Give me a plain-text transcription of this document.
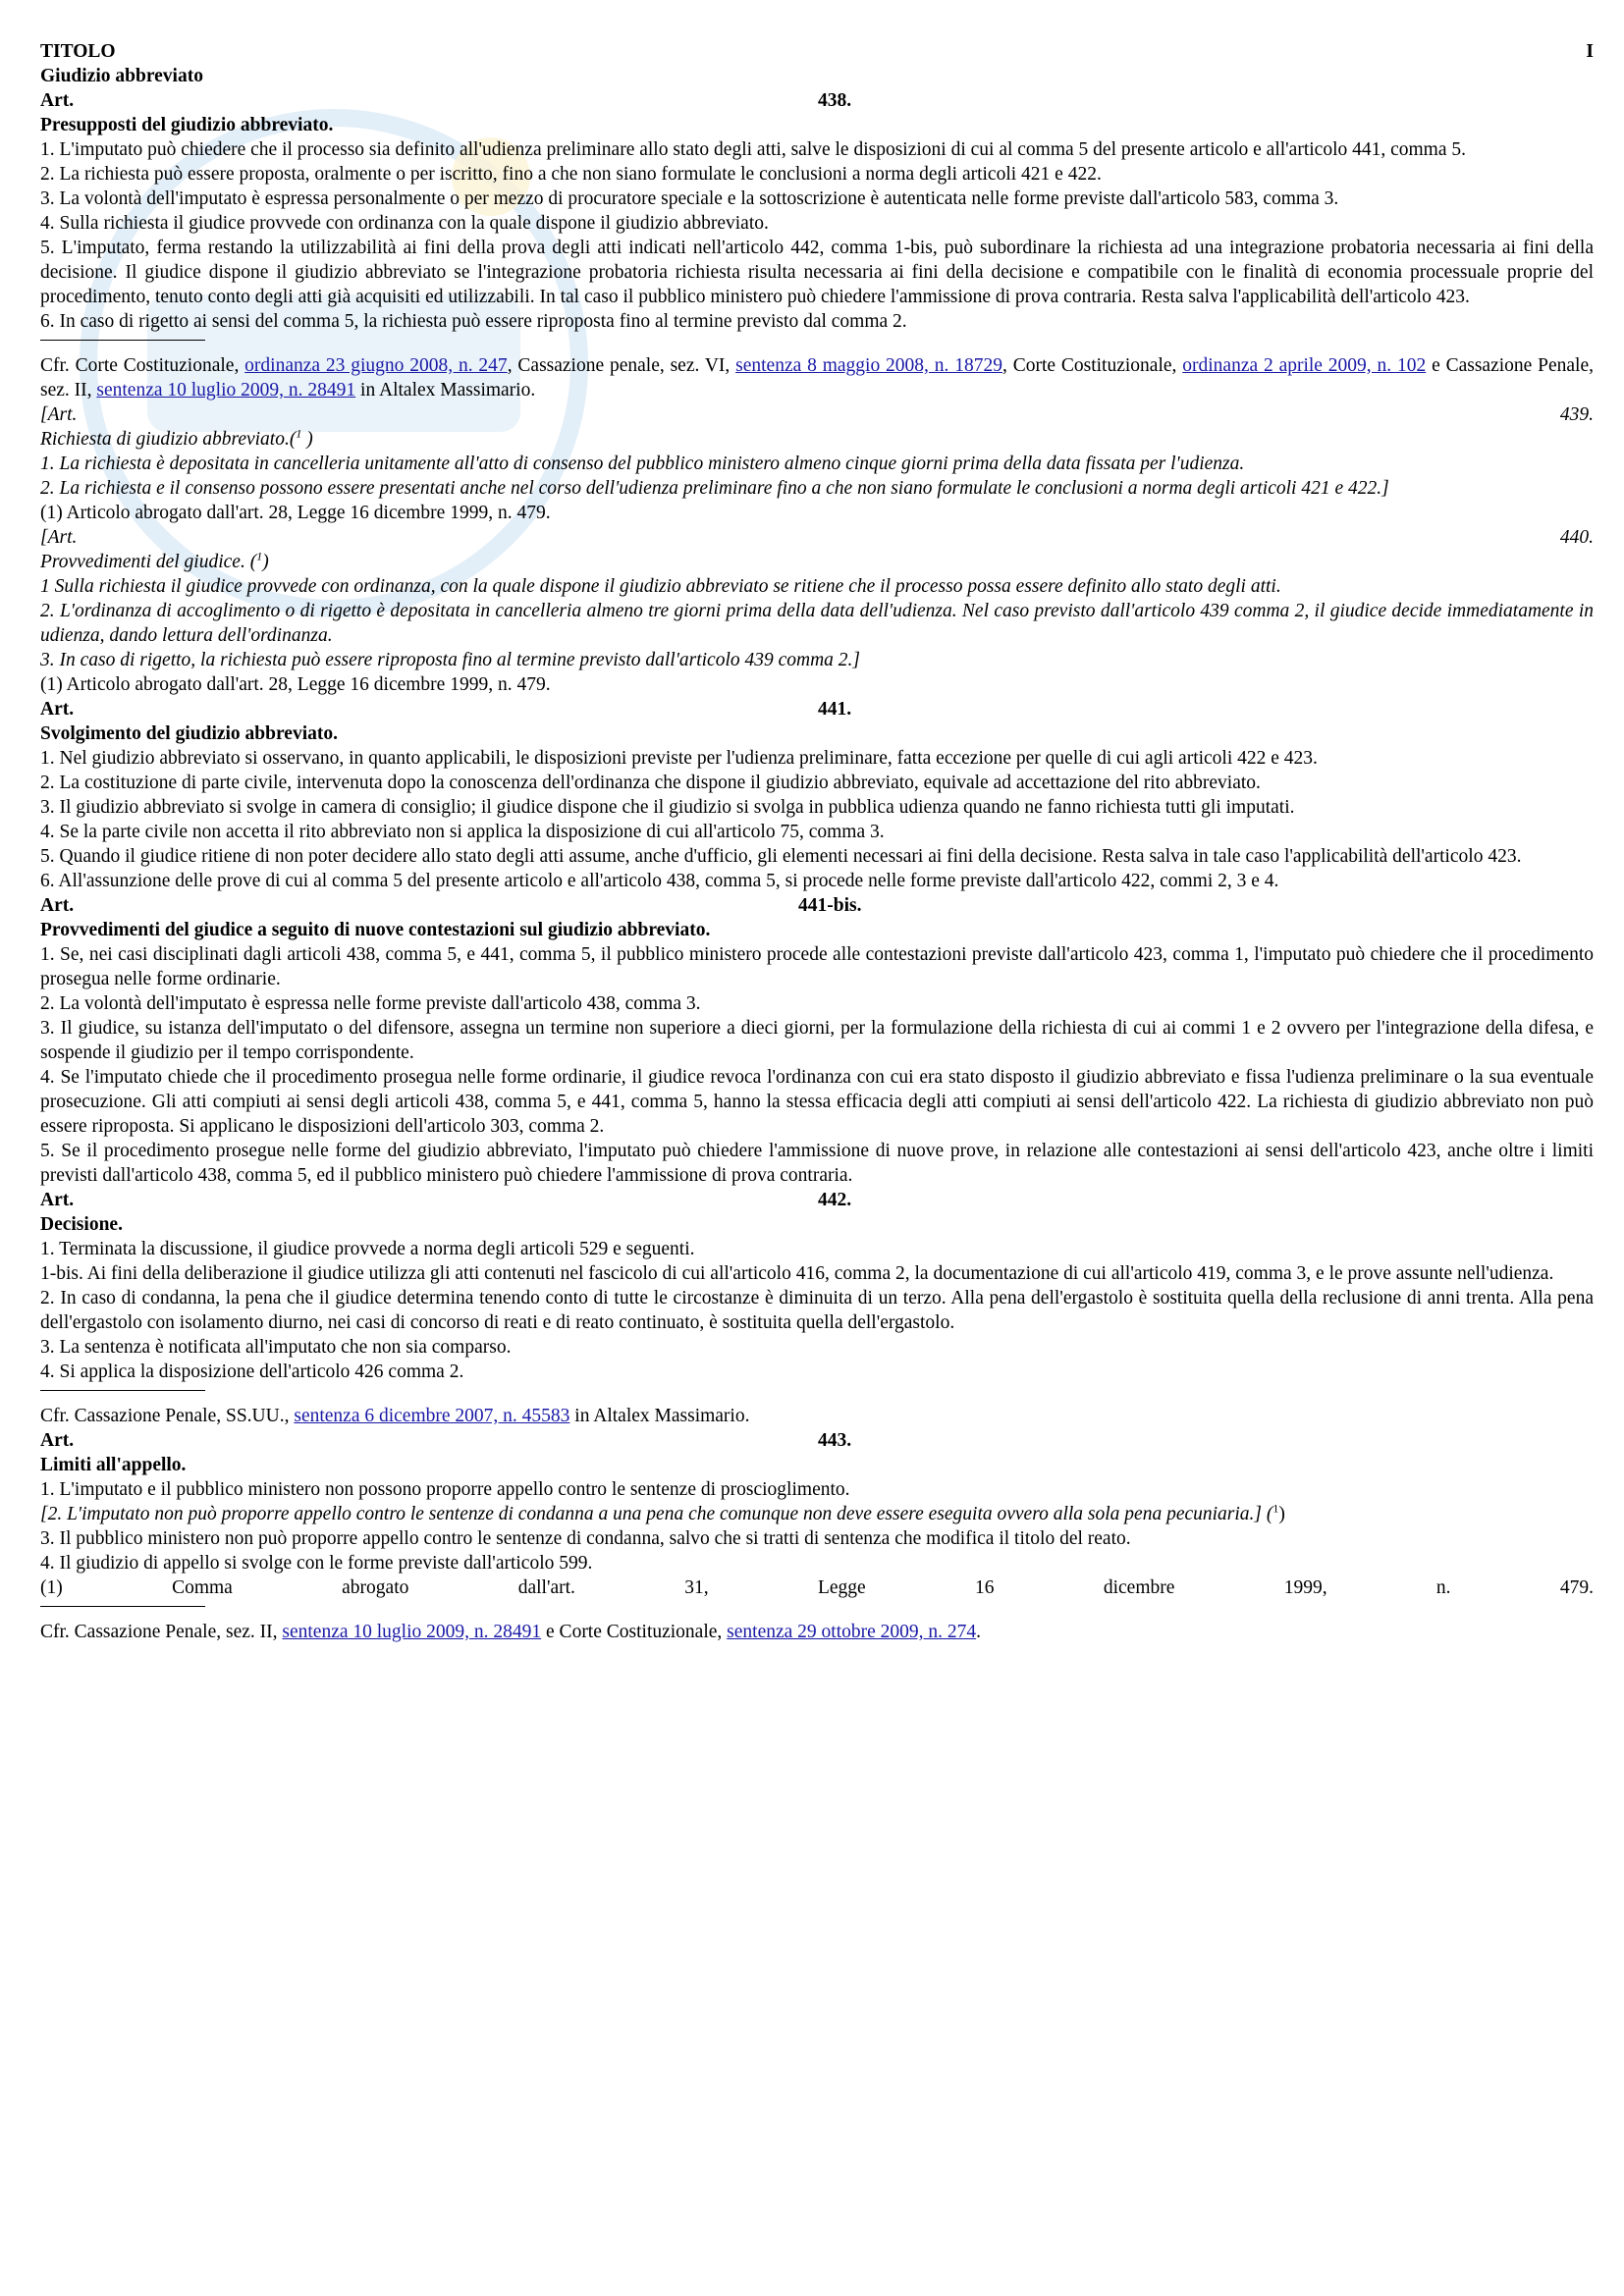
TITOLO	I

Giudizio abbreviato

Art.	438.

Presupposti del giudizio abbreviato.

1. L'imputato può chiedere che il processo sia definito all'udienza preliminare allo stato degli atti, salve le disposizioni di cui al comma 5 del presente articolo e all'articolo 441, comma 5.

2. La richiesta può essere proposta, oralmente o per iscritto, fino a che non siano formulate le conclusioni a norma degli articoli 421 e 422.

3. La volontà dell'imputato è espressa personalmente o per mezzo di procuratore speciale e la sottoscrizione è autenticata nelle forme previste dall'articolo 583, comma 3.

4. Sulla richiesta il giudice provvede con ordinanza con la quale dispone il giudizio abbreviato.

5. L'imputato, ferma restando la utilizzabilità ai fini della prova degli atti indicati nell'articolo 442, comma 1-bis, può subordinare la richiesta ad una integrazione probatoria necessaria ai fini della decisione. Il giudice dispone il giudizio abbreviato se l'integrazione probatoria richiesta risulta necessaria ai fini della decisione e compatibile con le finalità di economia processuale proprie del procedimento, tenuto conto degli atti già acquisiti ed utilizzabili. In tal caso il pubblico ministero può chiedere l'ammissione di prova contraria. Resta salva l'applicabilità dell'articolo 423.

6. In caso di rigetto ai sensi del comma 5, la richiesta può essere riproposta fino al termine previsto dal comma 2.

Cfr. Corte Costituzionale, ordinanza 23 giugno 2008, n. 247, Cassazione penale, sez. VI, sentenza 8 maggio 2008, n. 18729, Corte Costituzionale, ordinanza 2 aprile 2009, n. 102 e Cassazione Penale, sez. II, sentenza 10 luglio 2009, n. 28491 in Altalex Massimario.

[Art.	439.

Richiesta di giudizio abbreviato.($^1$ )

1. La richiesta è depositata in cancelleria unitamente all'atto di consenso del pubblico ministero almeno cinque giorni prima della data fissata per l'udienza.

2. La richiesta e il consenso possono essere presentati anche nel corso dell'udienza preliminare fino a che non siano formulate le conclusioni a norma degli articoli 421 e 422.]

(1) Articolo abrogato dall'art. 28, Legge 16 dicembre 1999, n. 479.

[Art.	440.

Provvedimenti del giudice. ($^1$)

1 Sulla richiesta il giudice provvede con ordinanza, con la quale dispone il giudizio abbreviato se ritiene che il processo possa essere definito allo stato degli atti.

2. L'ordinanza di accoglimento o di rigetto è depositata in cancelleria almeno tre giorni prima della data dell'udienza. Nel caso previsto dall'articolo 439 comma 2, il giudice decide immediatamente in udienza, dando lettura dell'ordinanza.

3. In caso di rigetto, la richiesta può essere riproposta fino al termine previsto dall'articolo 439 comma 2.]

(1) Articolo abrogato dall'art. 28, Legge 16 dicembre 1999, n. 479.

Art.	441.

Svolgimento del giudizio abbreviato.

1. Nel giudizio abbreviato si osservano, in quanto applicabili, le disposizioni previste per l'udienza preliminare, fatta eccezione per quelle di cui agli articoli 422 e 423.

2. La costituzione di parte civile, intervenuta dopo la conoscenza dell'ordinanza che dispone il giudizio abbreviato, equivale ad accettazione del rito abbreviato.

3. Il giudizio abbreviato si svolge in camera di consiglio; il giudice dispone che il giudizio si svolga in pubblica udienza quando ne fanno richiesta tutti gli imputati.

4. Se la parte civile non accetta il rito abbreviato non si applica la disposizione di cui all'articolo 75, comma 3.

5. Quando il giudice ritiene di non poter decidere allo stato degli atti assume, anche d'ufficio, gli elementi necessari ai fini della decisione. Resta salva in tale caso l'applicabilità dell'articolo 423.

6. All'assunzione delle prove di cui al comma 5 del presente articolo e all'articolo 438, comma 5, si procede nelle forme previste dall'articolo 422, commi 2, 3 e 4.

Art.	441-bis.

Provvedimenti del giudice a seguito di nuove contestazioni sul giudizio abbreviato.

1. Se, nei casi disciplinati dagli articoli 438, comma 5, e 441, comma 5, il pubblico ministero procede alle contestazioni previste dall'articolo 423, comma 1, l'imputato può chiedere che il procedimento prosegua nelle forme ordinarie.

2. La volontà dell'imputato è espressa nelle forme previste dall'articolo 438, comma 3.

3. Il giudice, su istanza dell'imputato o del difensore, assegna un termine non superiore a dieci giorni, per la formulazione della richiesta di cui ai commi 1 e 2 ovvero per l'integrazione della difesa, e sospende il giudizio per il tempo corrispondente.

4. Se l'imputato chiede che il procedimento prosegua nelle forme ordinarie, il giudice revoca l'ordinanza con cui era stato disposto il giudizio abbreviato e fissa l'udienza preliminare o la sua eventuale prosecuzione. Gli atti compiuti ai sensi degli articoli 438, comma 5, e 441, comma 5, hanno la stessa efficacia degli atti compiuti ai sensi dell'articolo 422. La richiesta di giudizio abbreviato non può essere riproposta. Si applicano le disposizioni dell'articolo 303, comma 2.

5. Se il procedimento prosegue nelle forme del giudizio abbreviato, l'imputato può chiedere l'ammissione di nuove prove, in relazione alle contestazioni ai sensi dell'articolo 423, anche oltre i limiti previsti dall'articolo 438, comma 5, ed il pubblico ministero può chiedere l'ammissione di prova contraria.

Art.	442.

Decisione.

1. Terminata la discussione, il giudice provvede a norma degli articoli 529 e seguenti.

1-bis. Ai fini della deliberazione il giudice utilizza gli atti contenuti nel fascicolo di cui all'articolo 416, comma 2, la documentazione di cui all'articolo 419, comma 3, e le prove assunte nell'udienza.

2. In caso di condanna, la pena che il giudice determina tenendo conto di tutte le circostanze è diminuita di un terzo. Alla pena dell'ergastolo è sostituita quella della reclusione di anni trenta. Alla pena dell'ergastolo con isolamento diurno, nei casi di concorso di reati e di reato continuato, è sostituita quella dell'ergastolo.

3. La sentenza è notificata all'imputato che non sia comparso.

4. Si applica la disposizione dell'articolo 426 comma 2.

Cfr. Cassazione Penale, SS.UU., sentenza 6 dicembre 2007, n. 45583 in Altalex Massimario.

Art.	443.

Limiti all'appello.

1. L'imputato e il pubblico ministero non possono proporre appello contro le sentenze di proscioglimento.

[2. L'imputato non può proporre appello contro le sentenze di condanna a una pena che comunque non deve essere eseguita ovvero alla sola pena pecuniaria.] ($^1$)

3. Il pubblico ministero non può proporre appello contro le sentenze di condanna, salvo che si tratti di sentenza che modifica il titolo del reato.

4. Il giudizio di appello si svolge con le forme previste dall'articolo 599.

(1)	Comma	abrogato	dall'art.	31,	Legge	16	dicembre	1999,	n.	479.

Cfr. Cassazione Penale, sez. II, sentenza 10 luglio 2009, n. 28491 e Corte Costituzionale, sentenza 29 ottobre 2009, n. 274.
